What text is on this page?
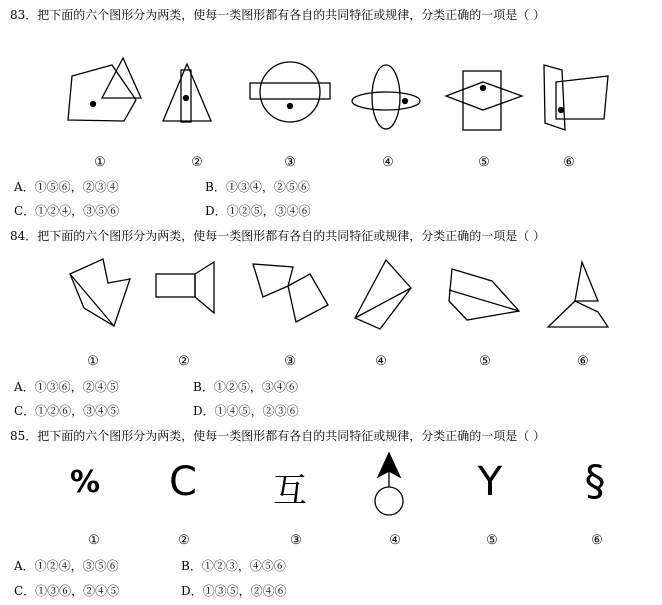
83．把下面的六个图形分为两类，使每一类图形都有各自的共同特征或规律，分类正确的一项是（ ）
①	②	③	④	⑤	⑥
A．①⑤⑥，②③④	B．①③④，②⑤⑥
C．①②④，③⑤⑥	D．①②⑤，③④⑥
84．把下面的六个图形分为两类，使每一类图形都有各自的共同特征或规律，分类正确的一项是（ ）
①	②	③	④	⑤	⑥
A．①③⑥，②④⑤	B．①②⑤，③④⑥
C．①②⑥，③④⑤	D．①④⑤，②③⑥
85．把下面的六个图形分为两类，使每一类图形都有各自的共同特征或规律，分类正确的一项是（ ）
%	C	互	Y	§
①	②	③	④	⑤	⑥
A．①②④，③⑤⑥	B．①②③，④⑤⑥
C．①③⑥，②④⑤	D．①③⑤，②④⑥
